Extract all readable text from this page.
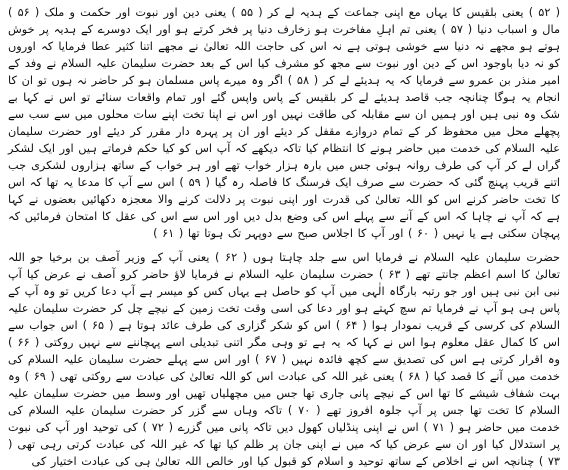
( ۵۲ ) یعنی بلقیس کا یہاں مع اپنی جماعت کے ہدیہ لے کر ( ۵۵ ) یعنی دین اور نبوت اور حکمت و ملک ( ۵۶ ) مال و اسباب دنیا ( ۵۷ ) یعنی تم اہلِ مفاخرت ہو زخارف دنیا پر فخر کرتے ہو اور ایک دوسرے کے ہدیہ پر خوش ہوتے ہو مجھے نہ دنیا سے خوشی ہوتی ہے نہ اس کی حاجت اللہ تعالیٰ نے مجھے اتنا کثیر عطا فرمایا کہ اوروں کو نہ دیا باوجود اس کے دین اور نبوت سے مجھ کو مشرف کیا اس کے بعد حضرت سلیمان علیہ السلام نے وفد کے امیر منذر بن عمرو سے فرمایا کہ یہ ہدیئے لے کر ( ۵۸ ) اگر وہ میرے پاس مسلمان ہو کر حاضر نہ ہوں تو ان کا انجام یہ ہوگا چنانچہ جب قاصد ہدیئے لے کر بلقیس کے پاس واپس گئے اور تمام واقعات سنائے تو اس نے کہا بے شک وہ نبی ہیں اور ہمیں ان سے مقابلہ کی طاقت نہیں اور اس نے اپنا تخت اپنے سات محلوں میں سے سب سے پچھلے محل میں محفوظ کر کے تمام دروازے مقفل کر دیئے اور ان پر پہرہ دار مقرر کر دیئے اور حضرت سلیمان علیہ السلام کی خدمت میں حاضر ہونے کا انتظام کیا تاکہ دیکھے کہ آپ اس کو کیا حکم فرماتے ہیں اور ایک لشکر گراں لے کر آپ کی طرف روانہ ہوئی جس میں بارہ ہزار خواب تھے اور ہر خواب کے ساتھ ہزاروں لشکری جب اتنے قریب پہنچ گئی کہ حضرت سے صرف ایک فرسنگ کا فاصلہ رہ گیا ( ۵۹ ) اس سے آپ کا مدعا یہ تھا کہ اس کا تخت حاضر کرنے اس کو اللہ تعالیٰ کی قدرت اور اپنی نبوت پر دلالت کرنے والا معجزہ دکھائیں بعضوں نے کہا ہے کہ آپ نے چاہا کہ اس کے آنے سے پہلے اس کی وضع بدل دیں اور اس سے اس کی عقل کا امتحان فرمائیں کہ پہچان سکتی ہے یا نہیں ( ۶۰ ) اور آپ کا اجلاس صبح سے دوپہر تک ہوتا تھا ( ۶۱ )

حضرت سلیمان علیہ السلام نے فرمایا اس سے جلد چاہتا ہوں ( ۶۲ ) یعنی آپ کے وزیر آصف بن برخیا جو اللہ تعالیٰ کا اسم اعظم جانتے تھے ( ۶۳ ) حضرت سلیمان علیہ السلام نے فرمایا لاؤ حاضر کرو آصف نے عرض کیا آپ نبی ابن نبی ہیں اور جو رتبہ بارگاہ الٰہی میں آپ کو حاصل ہے یہاں کس کو میسر ہے آپ دعا کریں تو وہ آپ کے پاس ہی ہو آپ نے فرمایا تم سچ کہتے ہو اور دعا کی اسی وقت تخت زمین کے نیچے چل کر حضرت سلیمان علیہ السلام کی کرسی کے قریب نمودار ہوا ( ۶۴ ) اس کو شکر گزاری کی طرف عائد ہوتا ہے ( ۶۵ ) اس جواب سے اس کا کمال عقل معلوم ہوا اس نے کہا کہ یہ ہے تو وہی مگر اتنی تبدیلی اسے پہچاننے سے نہیں روکتی ( ۶۶ ) وہ اقرار کرتی ہے اس کی تصدیق سے کچھ فائدہ نہیں ( ۶۷ ) اور اس سے پہلے حضرت سلیمان علیہ السلام کی خدمت میں آنے کا قصد کیا ( ۶۸ ) یعنی غیر اللہ کی عبادت اس کو اللہ تعالیٰ کی عبادت سے روکتی تھی ( ۶۹ ) وہ بہت شفاف شیشے کا تھا اس کے نیچے پانی جاری تھا جس میں مچھلیاں تھیں اور وسط میں حضرت سلیمان علیہ السلام کا تخت تھا جس پر آپ جلوہ افروز تھے ( ۷۰ ) تاکہ وہاں سے گزر کر حضرت سلیمان علیہ السلام کی خدمت میں حاضر ہو ( ۷۱ ) اس نے اپنی پنڈلیاں کھول دیں تاکہ پانی میں گزرے ( ۷۲ ) کی توحید اور آپ کی نبوت پر استدلال کیا اور ان سے عرض کیا کہ میں نے اپنی جان پر ظلم کیا تھا کہ غیر اللہ کی عبادت کرتی رہی تھی ( ۷۳ ) چنانچہ اس نے اخلاص کے ساتھ توحید و اسلام کو قبول کیا اور خالص اللہ تعالیٰ ہی کی عبادت اختیار کی
